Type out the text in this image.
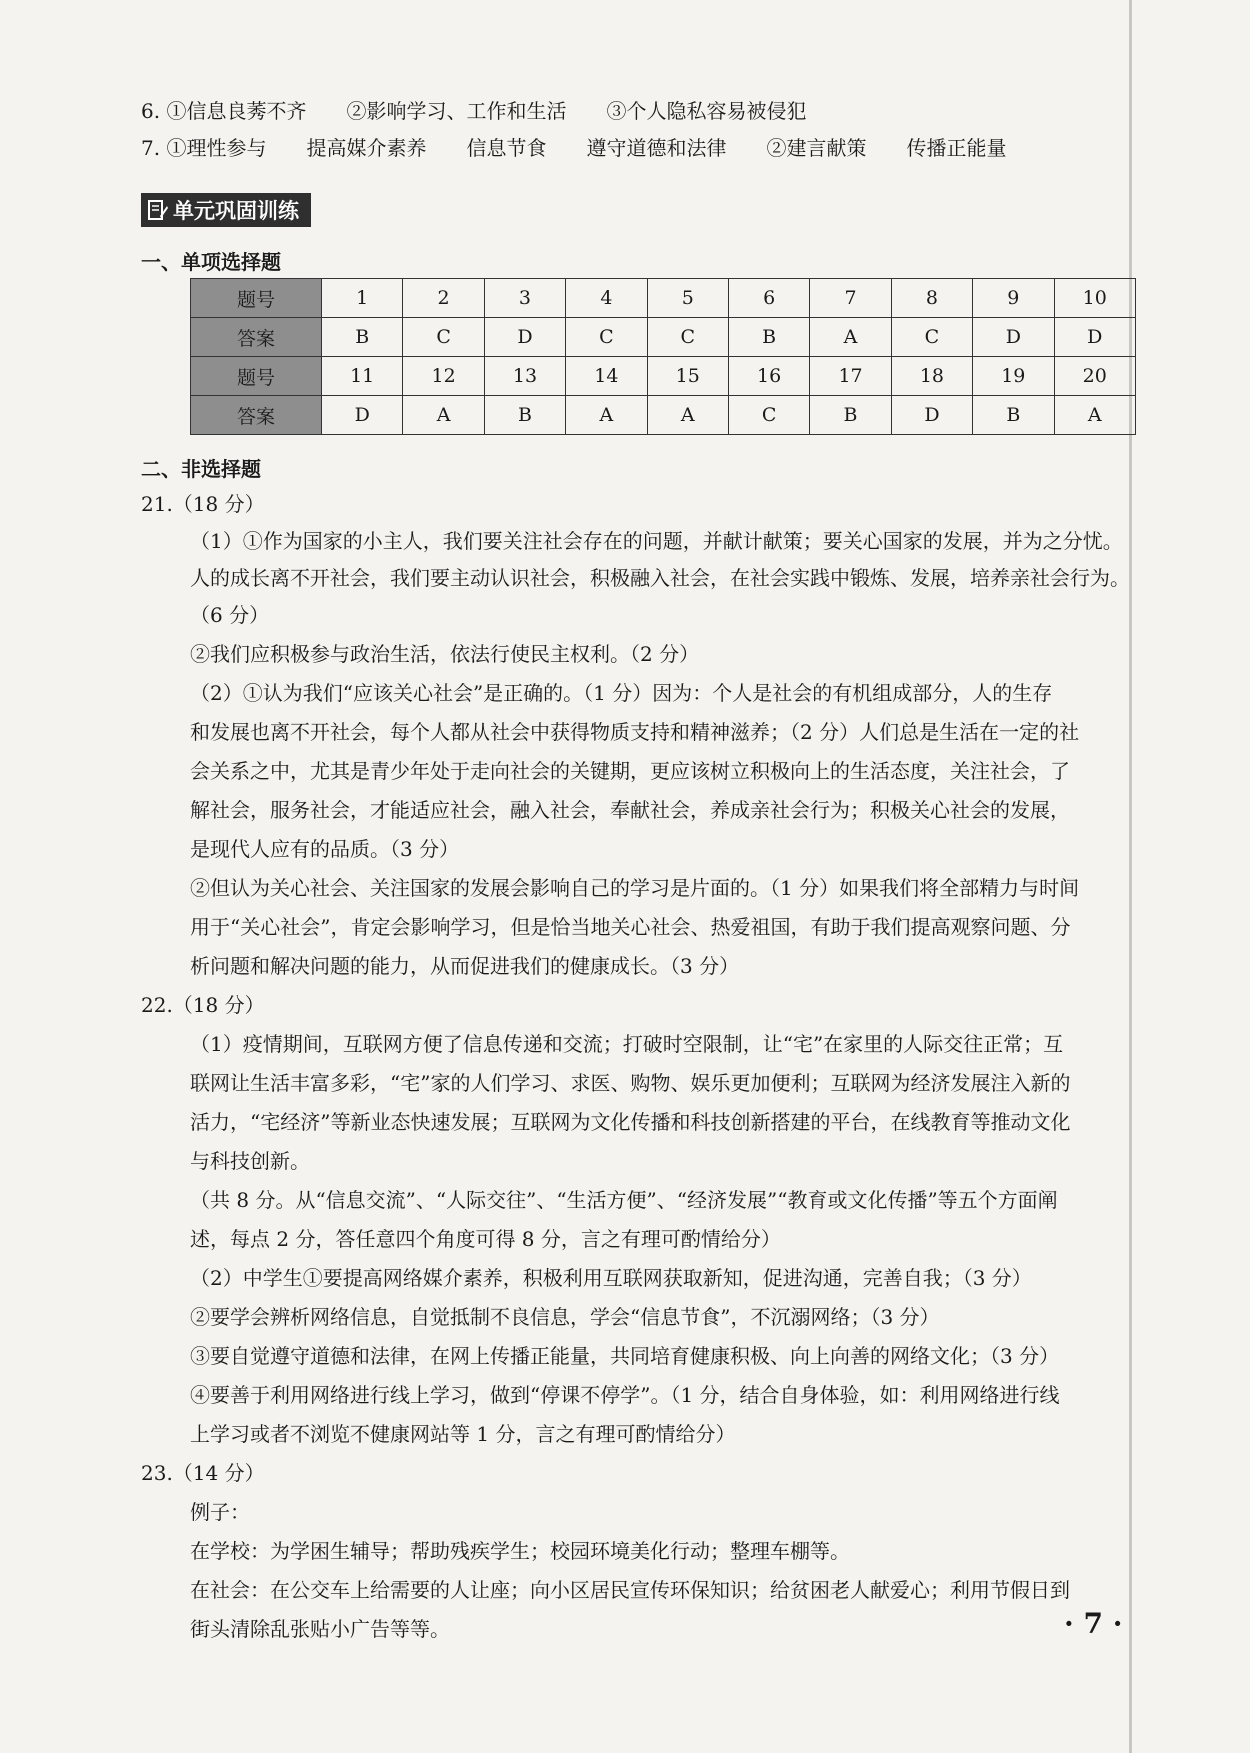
6. ①信息良莠不齐　　②影响学习、工作和生活　　③个人隐私容易被侵犯
7. ①理性参与　　提高媒介素养　　信息节食　　遵守道德和法律　　②建言献策　　传播正能量
单元巩固训练
一、单项选择题
题号	1	2	3	4	5	6	7	8	9	10
答案	B	C	D	C	C	B	A	C	D	D
题号	11	12	13	14	15	16	17	18	19	20
答案	D	A	B	A	A	C	B	D	B	A
二、非选择题
21.（18 分）
（1）①作为国家的小主人，我们要关注社会存在的问题，并献计献策；要关心国家的发展，并为之分忧。
人的成长离不开社会，我们要主动认识社会，积极融入社会，在社会实践中锻炼、发展，培养亲社会行为。
（6 分）
②我们应积极参与政治生活，依法行使民主权利。（2 分）
（2）①认为我们“应该关心社会”是正确的。（1 分）因为：个人是社会的有机组成部分，人的生存
和发展也离不开社会，每个人都从社会中获得物质支持和精神滋养；（2 分）人们总是生活在一定的社
会关系之中，尤其是青少年处于走向社会的关键期，更应该树立积极向上的生活态度，关注社会，了
解社会，服务社会，才能适应社会，融入社会，奉献社会，养成亲社会行为；积极关心社会的发展，
是现代人应有的品质。（3 分）
②但认为关心社会、关注国家的发展会影响自己的学习是片面的。（1 分）如果我们将全部精力与时间
用于“关心社会”，肯定会影响学习，但是恰当地关心社会、热爱祖国，有助于我们提高观察问题、分
析问题和解决问题的能力，从而促进我们的健康成长。（3 分）
22.（18 分）
（1）疫情期间，互联网方便了信息传递和交流；打破时空限制，让“宅”在家里的人际交往正常；互
联网让生活丰富多彩，“宅”家的人们学习、求医、购物、娱乐更加便利；互联网为经济发展注入新的
活力，“宅经济”等新业态快速发展；互联网为文化传播和科技创新搭建的平台，在线教育等推动文化
与科技创新。
（共 8 分。从“信息交流”、“人际交往”、“生活方便”、“经济发展”“教育或文化传播”等五个方面阐
述，每点 2 分，答任意四个角度可得 8 分，言之有理可酌情给分）
（2）中学生①要提高网络媒介素养，积极利用互联网获取新知，促进沟通，完善自我；（3 分）
②要学会辨析网络信息，自觉抵制不良信息，学会“信息节食”，不沉溺网络；（3 分）
③要自觉遵守道德和法律，在网上传播正能量，共同培育健康积极、向上向善的网络文化；（3 分）
④要善于利用网络进行线上学习，做到“停课不停学”。（1 分，结合自身体验，如：利用网络进行线
上学习或者不浏览不健康网站等 1 分，言之有理可酌情给分）
23.（14 分）
例子：
在学校：为学困生辅导；帮助残疾学生；校园环境美化行动；整理车棚等。
在社会：在公交车上给需要的人让座；向小区居民宣传环保知识；给贫困老人献爱心；利用节假日到
街头清除乱张贴小广告等等。	· 7 ·
